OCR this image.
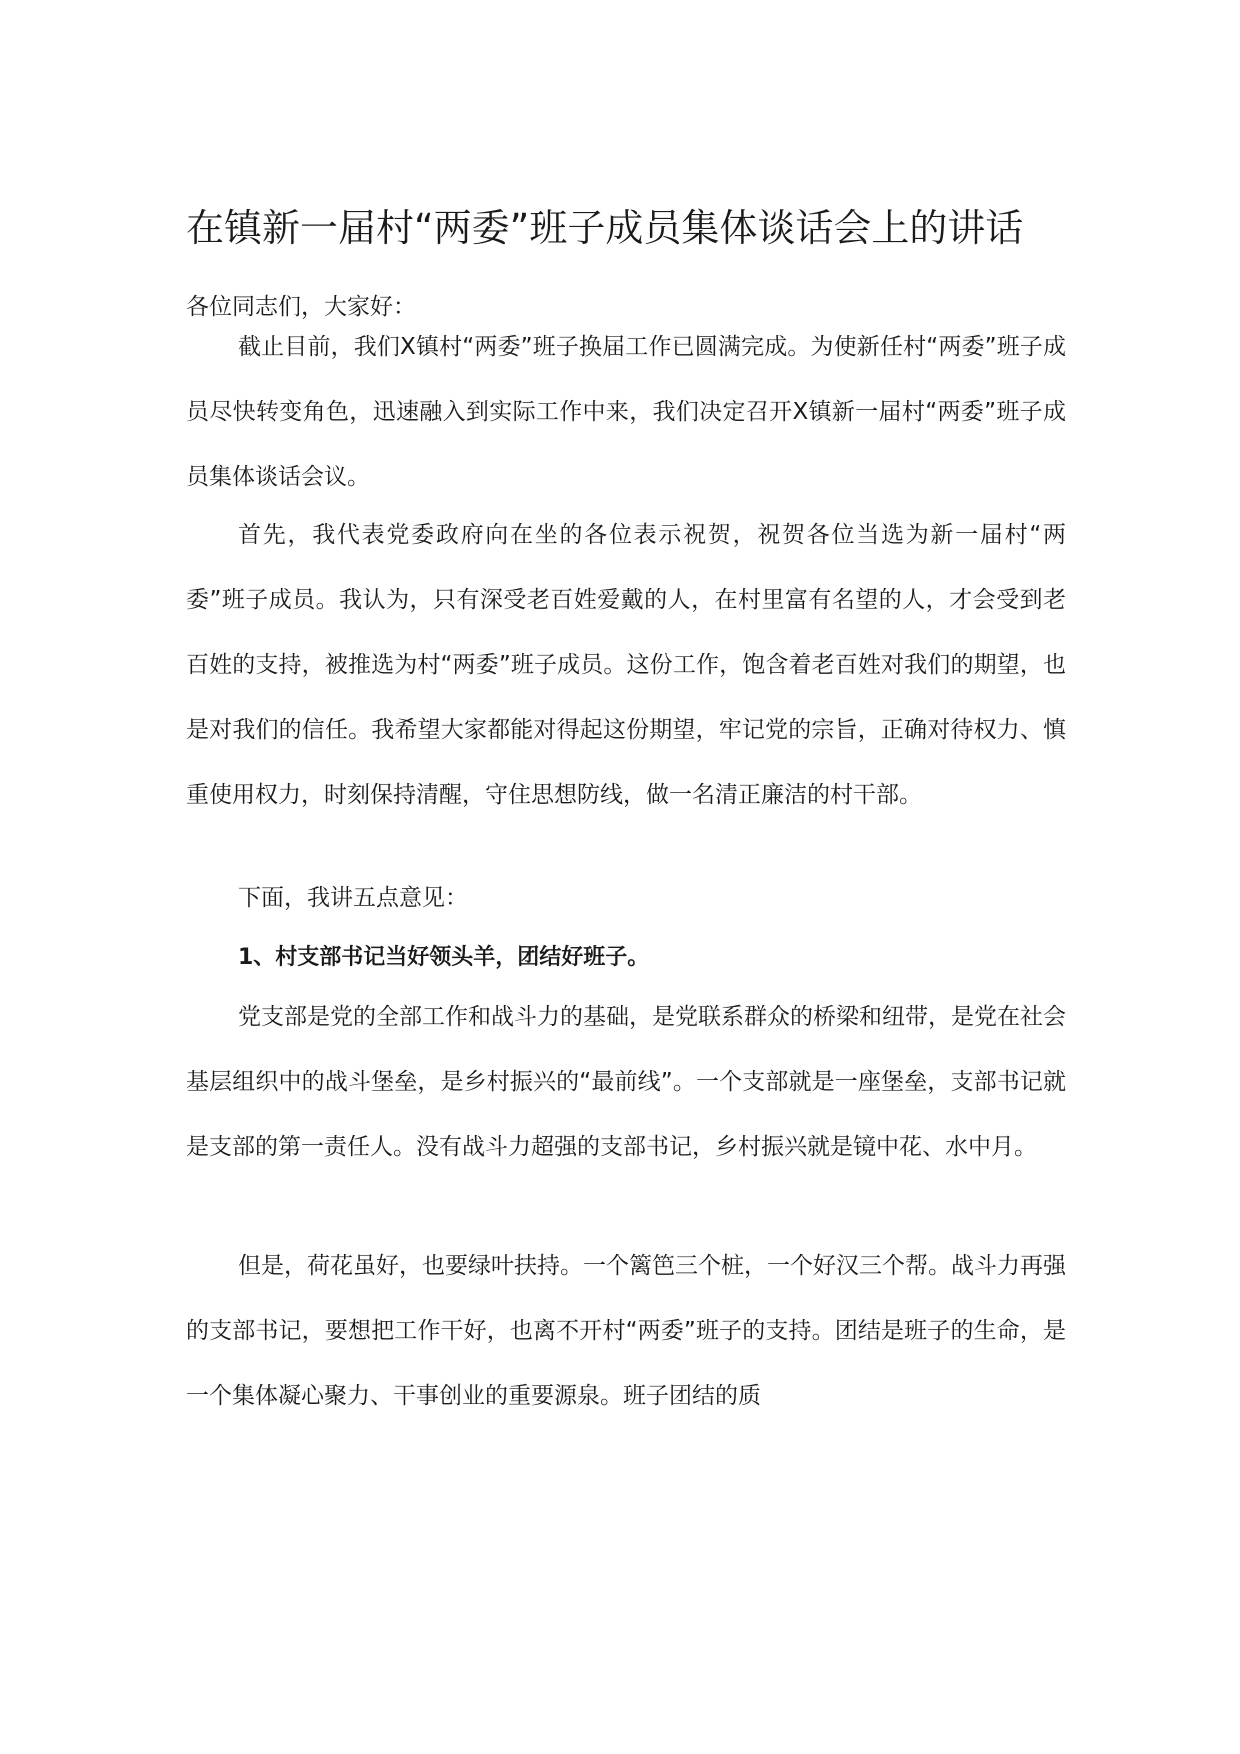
在镇新一届村“两委”班子成员集体谈话会上的讲话

各位同志们，大家好：

截止目前，我们X镇村“两委”班子换届工作已圆满完成。为使新任村“两委”班子成员尽快转变角色，迅速融入到实际工作中来，我们决定召开X镇新一届村“两委”班子成员集体谈话会议。

首先，我代表党委政府向在坐的各位表示祝贺，祝贺各位当选为新一届村“两委”班子成员。我认为，只有深受老百姓爱戴的人，在村里富有名望的人，才会受到老百姓的支持，被推选为村“两委”班子成员。这份工作，饱含着老百姓对我们的期望，也是对我们的信任。我希望大家都能对得起这份期望，牢记党的宗旨，正确对待权力、慎重使用权力，时刻保持清醒，守住思想防线，做一名清正廉洁的村干部。

下面，我讲五点意见：

1、村支部书记当好领头羊，团结好班子。

党支部是党的全部工作和战斗力的基础，是党联系群众的桥梁和纽带，是党在社会基层组织中的战斗堡垒，是乡村振兴的“最前线”。一个支部就是一座堡垒，支部书记就是支部的第一责任人。没有战斗力超强的支部书记，乡村振兴就是镜中花、水中月。

但是，荷花虽好，也要绿叶扶持。一个篱笆三个桩，一个好汉三个帮。战斗力再强的支部书记，要想把工作干好，也离不开村“两委”班子的支持。团结是班子的生命，是一个集体凝心聚力、干事创业的重要源泉。班子团结的质
